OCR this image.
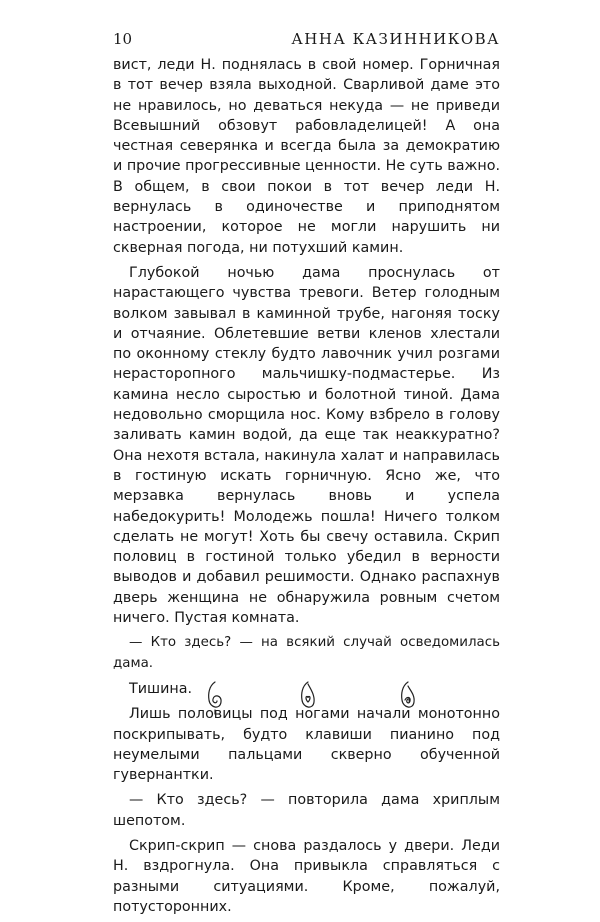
10	АННА КАЗИННИКОВА

вист, леди Н. поднялась в свой номер. Горничная в тот вечер взяла выходной. Сварливой даме это не нравилось, но деваться некуда — не приведи Всевышний обзовут рабовладелицей! А она честная северянка и всегда была за демократию и прочие прогрессивные ценности. Не суть важно. В общем, в свои покои в тот вечер леди Н. вернулась в одиночестве и приподнятом настроении, которое не могли нарушить ни скверная погода, ни потухший камин.

Глубокой ночью дама проснулась от нарастающего чувства тревоги. Ветер голодным волком завывал в каминной трубе, нагоняя тоску и отчаяние. Облетевшие ветви кленов хлестали по оконному стеклу будто лавочник учил розгами нерасторопного мальчишку-подмастерье. Из камина несло сыростью и болотной тиной. Дама недовольно сморщила нос. Кому взбрело в голову заливать камин водой, да еще так неаккуратно? Она нехотя встала, накинула халат и направилась в гостиную искать горничную. Ясно же, что мерзавка вернулась вновь и успела набедокурить! Молодежь пошла! Ничего толком сделать не могут! Хоть бы свечу оставила. Скрип половиц в гостиной только убедил в верности выводов и добавил решимости. Однако распахнув дверь женщина не обнаружила ровным счетом ничего. Пустая комната.

— Кто здесь? — на всякий случай осведомилась дама.

Тишина.

Лишь половицы под ногами начали монотонно поскрипывать, будто клавиши пианино под неумелыми пальцами скверно обученной гувернантки.

— Кто здесь? — повторила дама хриплым шепотом.

Скрип-скрип — снова раздалось у двери. Леди Н. вздрогнула. Она привыкла справляться с разными ситуациями. Кроме, пожалуй, потусторонних.
